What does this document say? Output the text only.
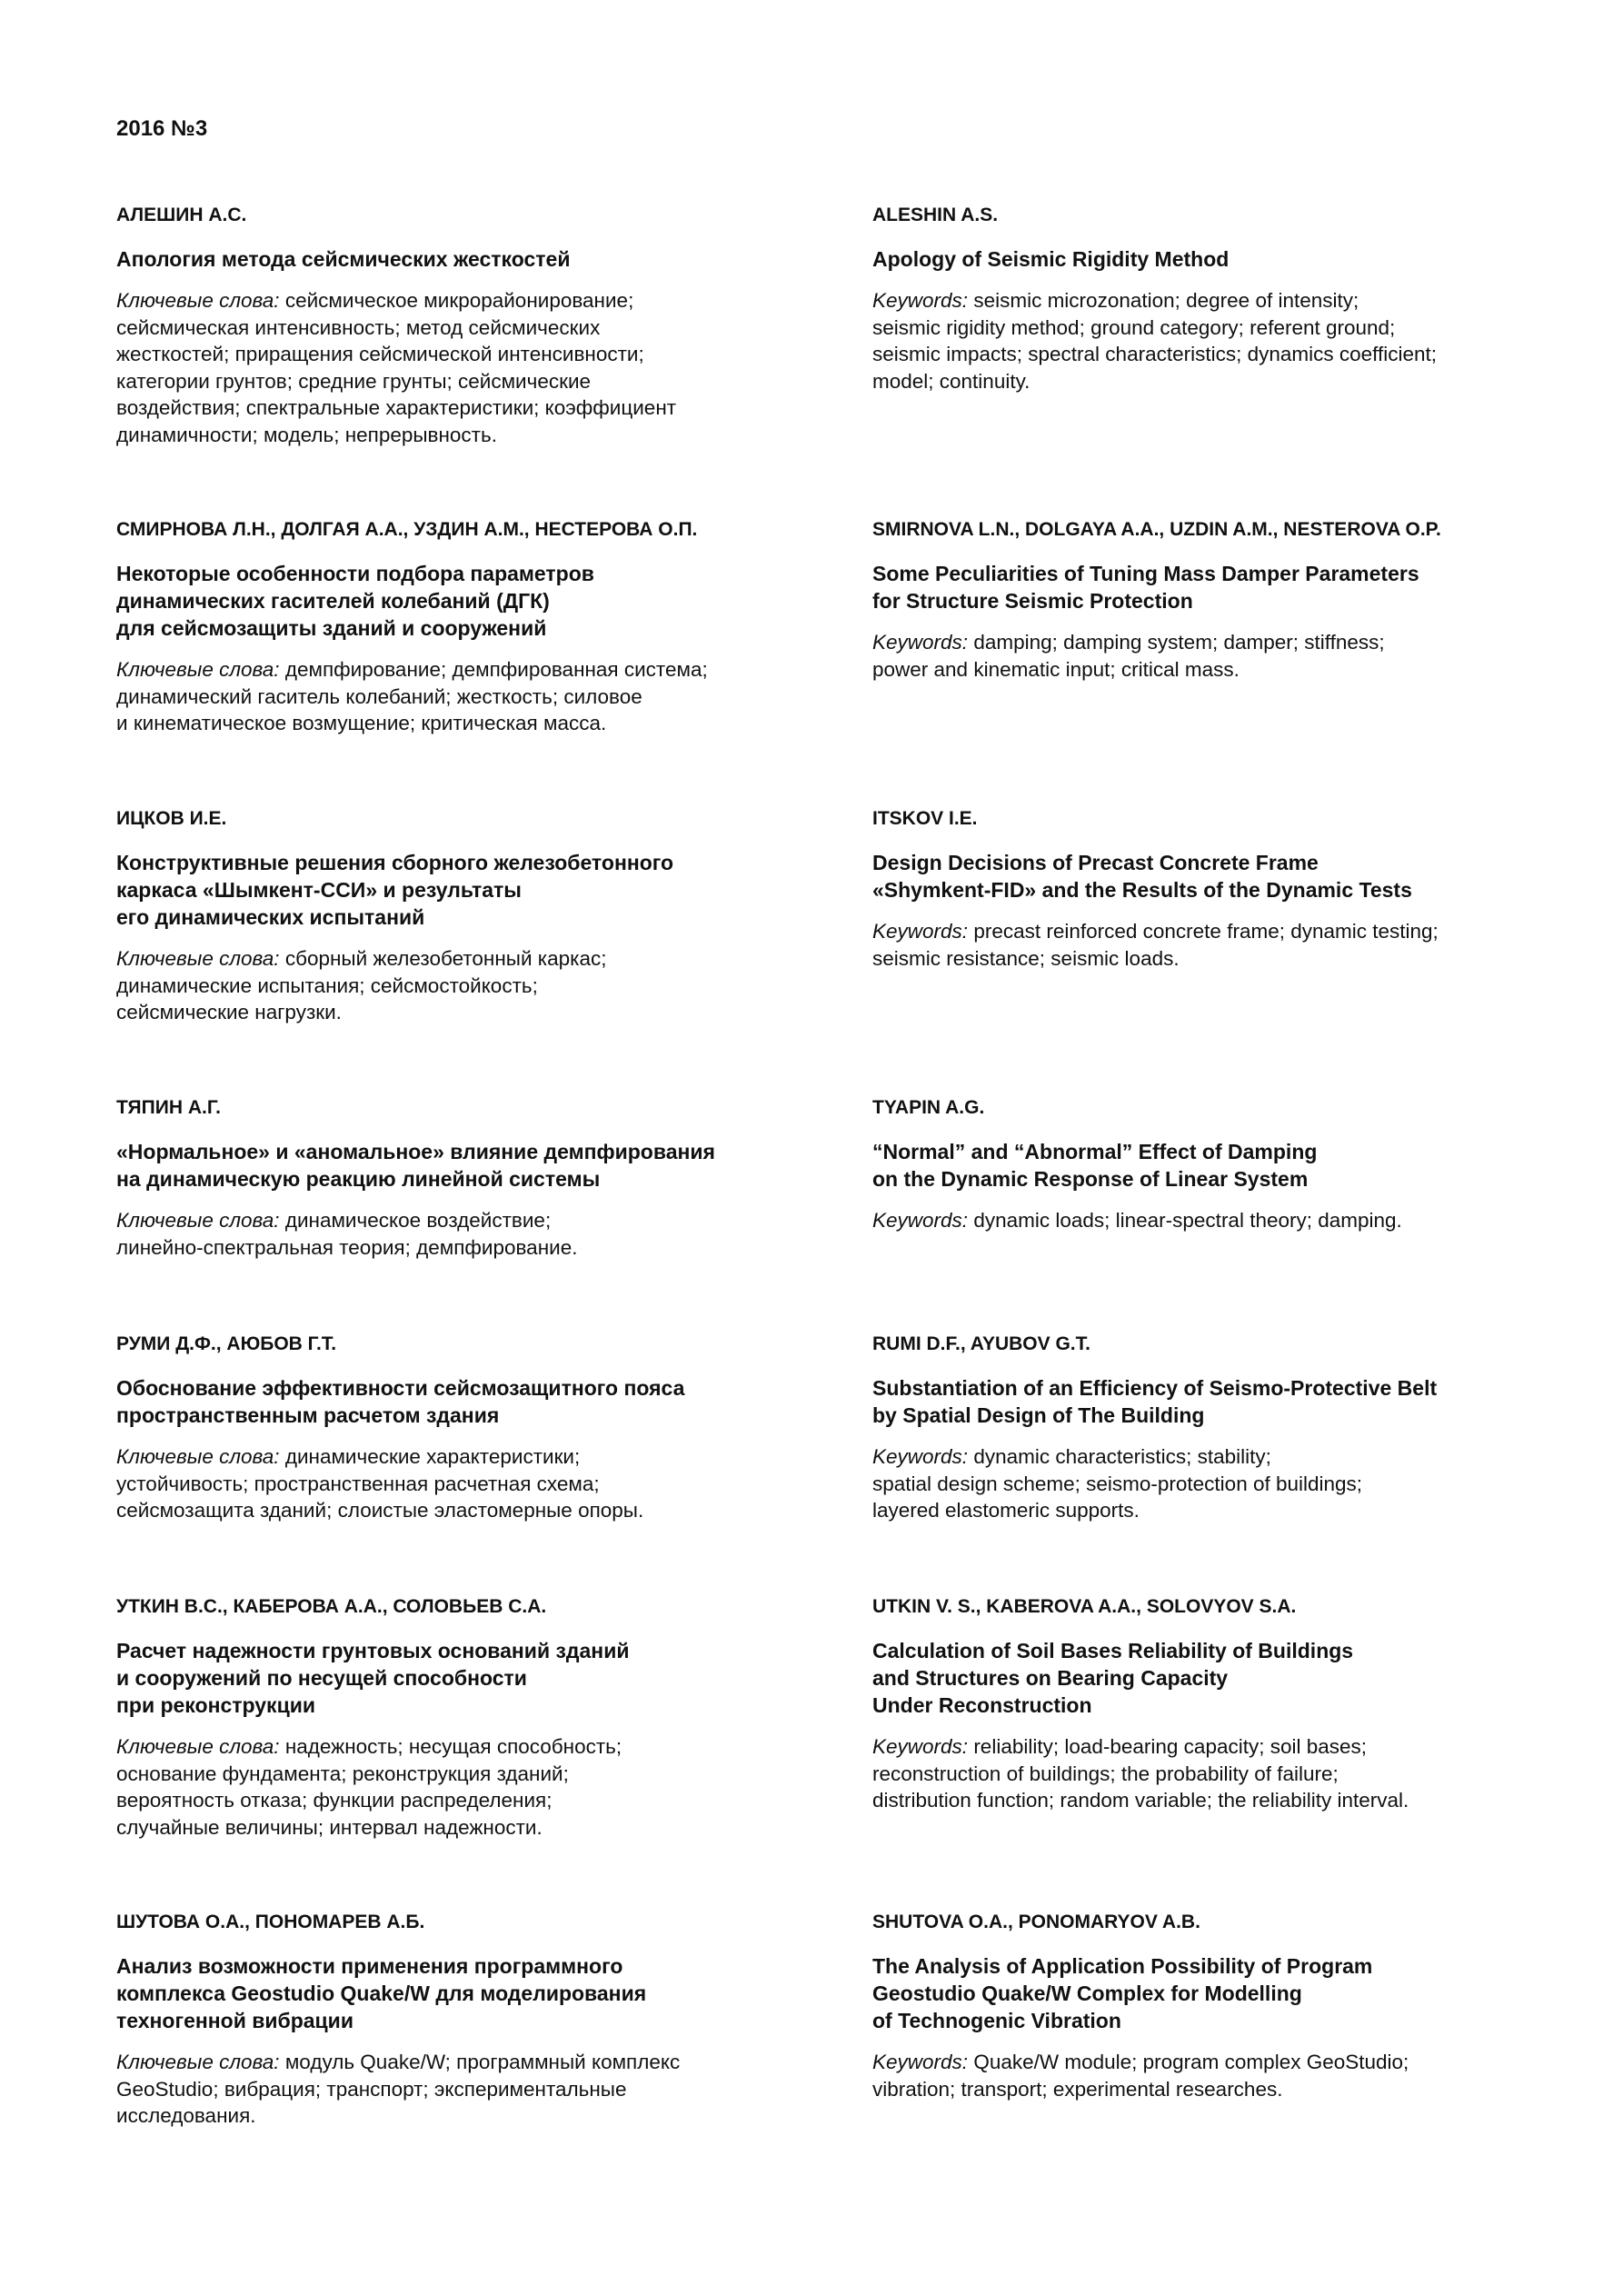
2016 №3

АЛЕШИН А.С.

Апология метода сейсмических жесткостей

Ключевые слова: сейсмическое микрорайонирование;
сейсмическая интенсивность; метод сейсмических
жесткостей; приращения сейсмической интенсивности;
категории грунтов; средние грунты; сейсмические
воздействия; спектральные характеристики; коэффициент
динамичности; модель; непрерывность.

ALESHIN A.S.

Apology of Seismic Rigidity Method

Keywords: seismic microzonation; degree of intensity;
seismic rigidity method; ground category; referent ground;
seismic impacts; spectral characteristics; dynamics coefficient;
model; continuity.

СМИРНОВА Л.Н., ДОЛГАЯ А.А., УЗДИН А.М., НЕСТЕРОВА О.П.

Некоторые особенности подбора параметров
динамических гасителей колебаний (ДГК)
для сейсмозащиты зданий и сооружений

Ключевые слова: демпфирование; демпфированная система;
динамический гаситель колебаний; жесткость; силовое
и кинематическое возмущение; критическая масса.

SMIRNOVA L.N., DOLGAYA A.A., UZDIN A.M., NESTEROVA O.P.

Some Peculiarities of Tuning Mass Damper Parameters
for Structure Seismic Protection

Keywords: damping; damping system; damper; stiffness;
power and kinematic input; critical mass.

ИЦКОВ И.Е.

Конструктивные решения сборного железобетонного
каркаса «Шымкент-ССИ» и результаты
его динамических испытаний

Ключевые слова: сборный железобетонный каркас;
динамические испытания; сейсмостойкость;
сейсмические нагрузки.

ITSKOV I.E.

Design Decisions of Precast Concrete Frame
«Shymkent-FID» and the Results of the Dynamic Tests

Keywords: precast reinforced concrete frame; dynamic testing;
seismic resistance; seismic loads.

ТЯПИН А.Г.

«Нормальное» и «аномальное» влияние демпфирования
на динамическую реакцию линейной системы

Ключевые слова: динамическое воздействие;
линейно-спектральная теория; демпфирование.

TYAPIN A.G.

“Normal” and “Abnormal” Effect of Damping
on the Dynamic Response of Linear System

Keywords: dynamic loads; linear-spectral theory; damping.

РУМИ Д.Ф., АЮБОВ Г.Т.

Обоснование эффективности сейсмозащитного пояса
пространственным расчетом здания

Ключевые слова: динамические характеристики;
устойчивость; пространственная расчетная схема;
сейсмозащита зданий; слоистые эластомерные опоры.

RUMI D.F., AYUBOV G.T.

Substantiation of an Efficiency of Seismo-Protective Belt
by Spatial Design of The Building

Keywords: dynamic characteristics; stability;
spatial design scheme; seismo-protection of buildings;
layered elastomeric supports.

УТКИН В.С., КАБЕРОВА А.А., СОЛОВЬЕВ С.А.

Расчет надежности грунтовых оснований зданий
и сооружений по несущей способности
при реконструкции

Ключевые слова: надежность; несущая способность;
основание фундамента; реконструкция зданий;
вероятность отказа; функции распределения;
случайные величины; интервал надежности.

UTKIN V. S., KABEROVA A.A., SOLOVYOV S.A.

Calculation of Soil Bases Reliability of Buildings
and Structures on Bearing Capacity
Under Reconstruction

Keywords: reliability; load-bearing capacity; soil bases;
reconstruction of buildings; the probability of failure;
distribution function; random variable; the reliability interval.

ШУТОВА О.А., ПОНОМАРЕВ А.Б.

Анализ возможности применения программного
комплекса Geostudio Quake/W для моделирования
техногенной вибрации

Ключевые слова: модуль Quake/W; программный комплекс
GeoStudio; вибрация; транспорт; экспериментальные
исследования.

SHUTOVA O.A., PONOMARYOV A.B.

The Analysis of Application Possibility of Program
Geostudio Quake/W Complex for Modelling
of Technogenic Vibration

Keywords: Quake/W module; program complex GeoStudio;
vibration; transport; experimental researches.
